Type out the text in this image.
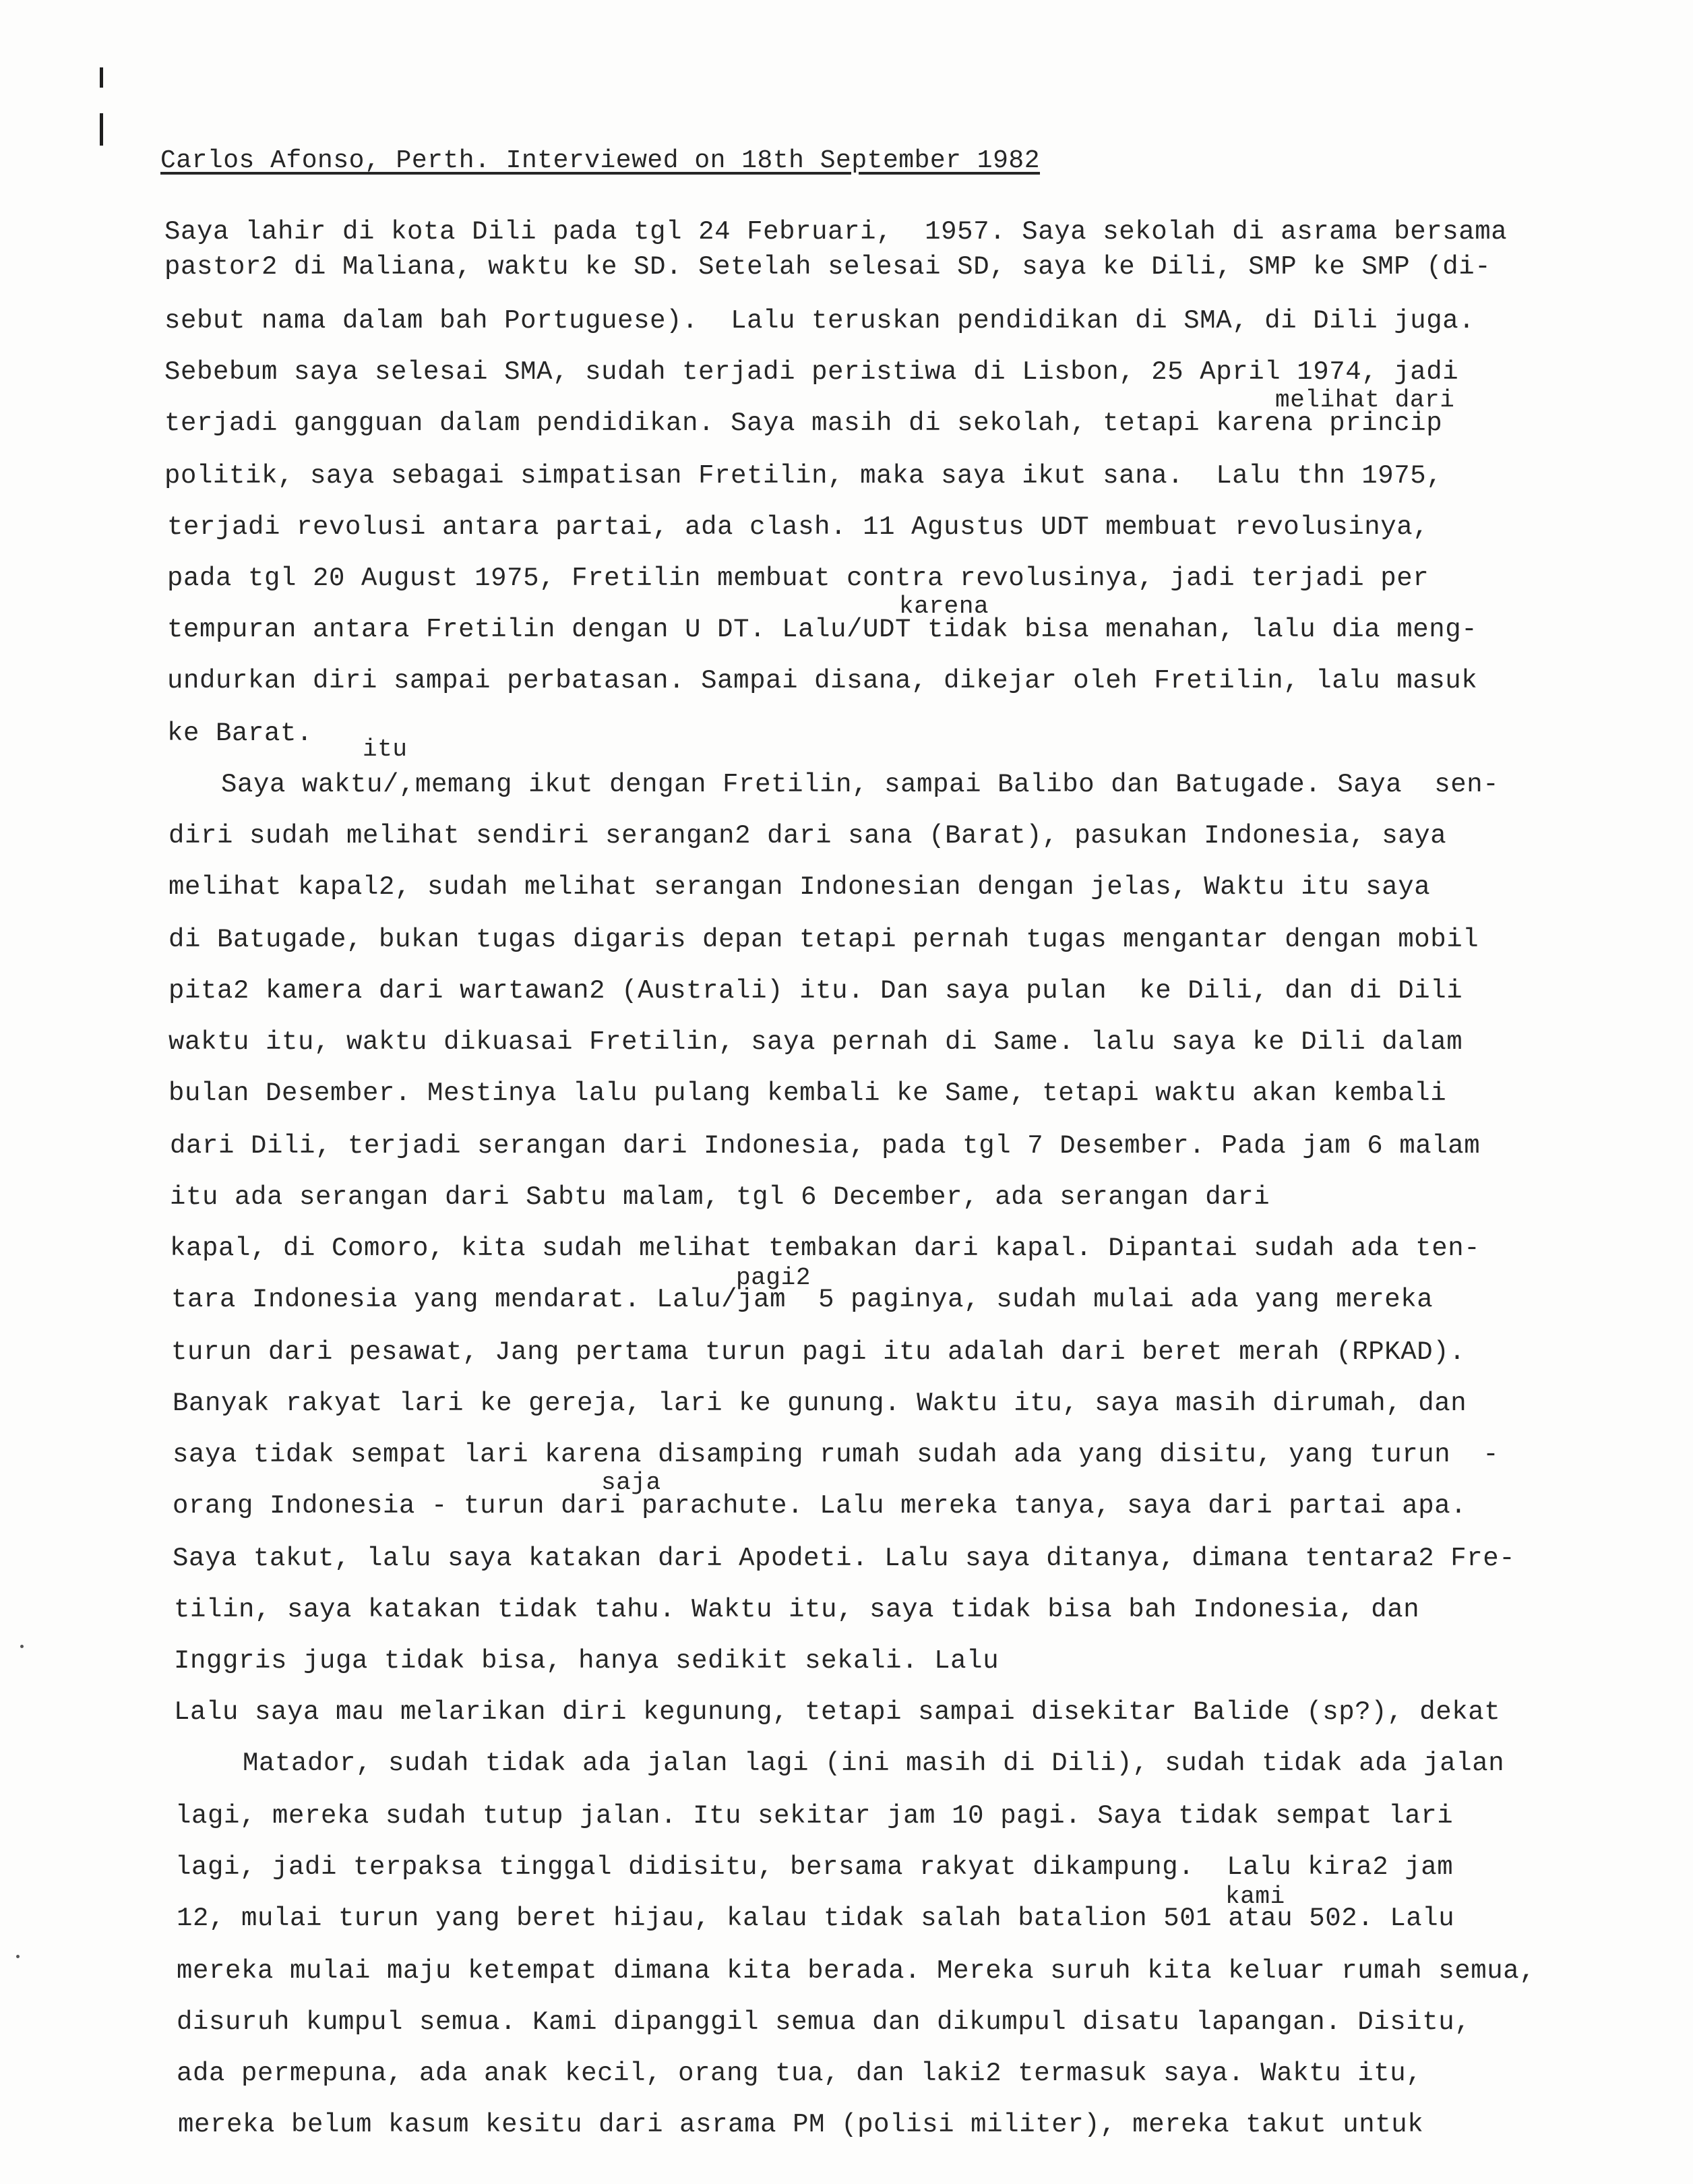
Carlos Afonso, Perth. Interviewed on 18th September 1982
Saya lahir di kota Dili pada tgl 24 Februari,  1957. Saya sekolah di asrama bersama
pastor2 di Maliana, waktu ke SD. Setelah selesai SD, saya ke Dili, SMP ke SMP (di-
sebut nama dalam bah Portuguese).  Lalu teruskan pendidikan di SMA, di Dili juga.
Sebebum saya selesai SMA, sudah terjadi peristiwa di Lisbon, 25 April 1974, jadi
terjadi gangguan dalam pendidikan. Saya masih di sekolah, tetapi karena princip
politik, saya sebagai simpatisan Fretilin, maka saya ikut sana.  Lalu thn 1975,
terjadi revolusi antara partai, ada clash. 11 Agustus UDT membuat revolusinya,
pada tgl 20 August 1975, Fretilin membuat contra revolusinya, jadi terjadi per
tempuran antara Fretilin dengan U DT. Lalu/UDT tidak bisa menahan, lalu dia meng-
undurkan diri sampai perbatasan. Sampai disana, dikejar oleh Fretilin, lalu masuk
ke Barat.
Saya waktu/,memang ikut dengan Fretilin, sampai Balibo dan Batugade. Saya  sen-
diri sudah melihat sendiri serangan2 dari sana (Barat), pasukan Indonesia, saya
melihat kapal2, sudah melihat serangan Indonesian dengan jelas, Waktu itu saya
di Batugade, bukan tugas digaris depan tetapi pernah tugas mengantar dengan mobil
pita2 kamera dari wartawan2 (Australi) itu. Dan saya pulan  ke Dili, dan di Dili
waktu itu, waktu dikuasai Fretilin, saya pernah di Same. lalu saya ke Dili dalam
bulan Desember. Mestinya lalu pulang kembali ke Same, tetapi waktu akan kembali
dari Dili, terjadi serangan dari Indonesia, pada tgl 7 Desember. Pada jam 6 malam
itu ada serangan dari Sabtu malam, tgl 6 December, ada serangan dari
kapal, di Comoro, kita sudah melihat tembakan dari kapal. Dipantai sudah ada ten-
tara Indonesia yang mendarat. Lalu/jam  5 paginya, sudah mulai ada yang mereka
turun dari pesawat, Jang pertama turun pagi itu adalah dari beret merah (RPKAD).
Banyak rakyat lari ke gereja, lari ke gunung. Waktu itu, saya masih dirumah, dan
saya tidak sempat lari karena disamping rumah sudah ada yang disitu, yang turun  -
orang Indonesia - turun dari parachute. Lalu mereka tanya, saya dari partai apa.
Saya takut, lalu saya katakan dari Apodeti. Lalu saya ditanya, dimana tentara2 Fre-
tilin, saya katakan tidak tahu. Waktu itu, saya tidak bisa bah Indonesia, dan
Inggris juga tidak bisa, hanya sedikit sekali. Lalu
Lalu saya mau melarikan diri kegunung, tetapi sampai disekitar Balide (sp?), dekat
Matador, sudah tidak ada jalan lagi (ini masih di Dili), sudah tidak ada jalan
lagi, mereka sudah tutup jalan. Itu sekitar jam 10 pagi. Saya tidak sempat lari
lagi, jadi terpaksa tinggal didisitu, bersama rakyat dikampung.  Lalu kira2 jam
12, mulai turun yang beret hijau, kalau tidak salah batalion 501 atau 502. Lalu
mereka mulai maju ketempat dimana kita berada. Mereka suruh kita keluar rumah semua,
disuruh kumpul semua. Kami dipanggil semua dan dikumpul disatu lapangan. Disitu,
ada permepuna, ada anak kecil, orang tua, dan laki2 termasuk saya. Waktu itu,
mereka belum kasum kesitu dari asrama PM (polisi militer), mereka takut untuk
melihat dari
karena
itu
pagi2
saja
kami
